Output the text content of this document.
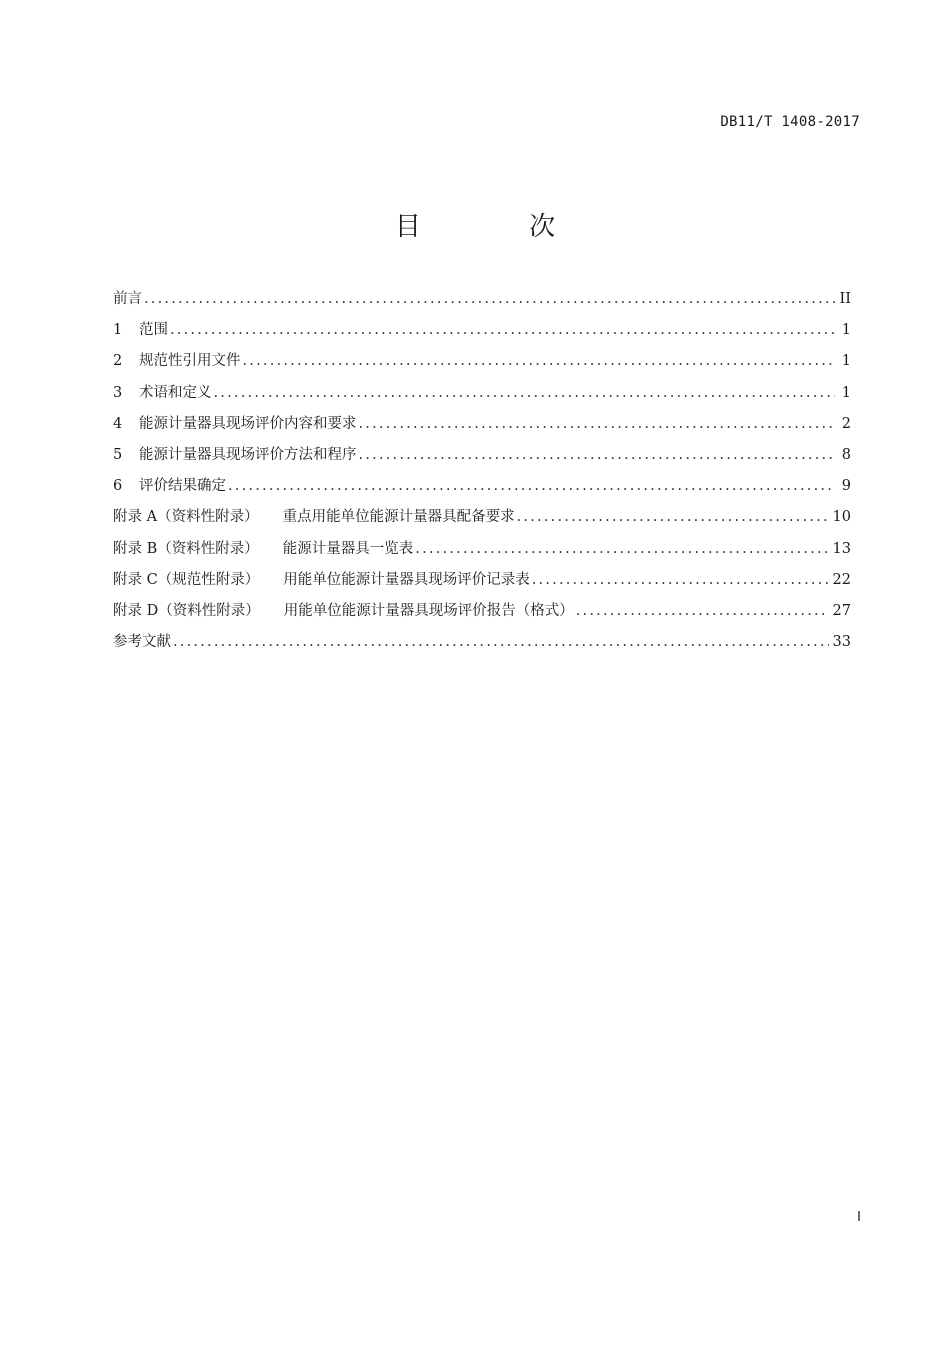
DB11/T 1408-2017
目 次
前言 .....	II
1	范围 .....	1
2	规范性引用文件 .....	1
3	术语和定义 .....	1
4	能源计量器具现场评价内容和要求 .....	2
5	能源计量器具现场评价方法和程序 .....	8
6	评价结果确定 .....	9
附录 A（资料性附录） 重点用能单位能源计量器具配备要求 .....	10
附录 B（资料性附录） 能源计量器具一览表 .....	13
附录 C（规范性附录） 用能单位能源计量器具现场评价记录表 .....	22
附录 D（资料性附录） 用能单位能源计量器具现场评价报告（格式） .....	27
参考文献 .....	33
I
